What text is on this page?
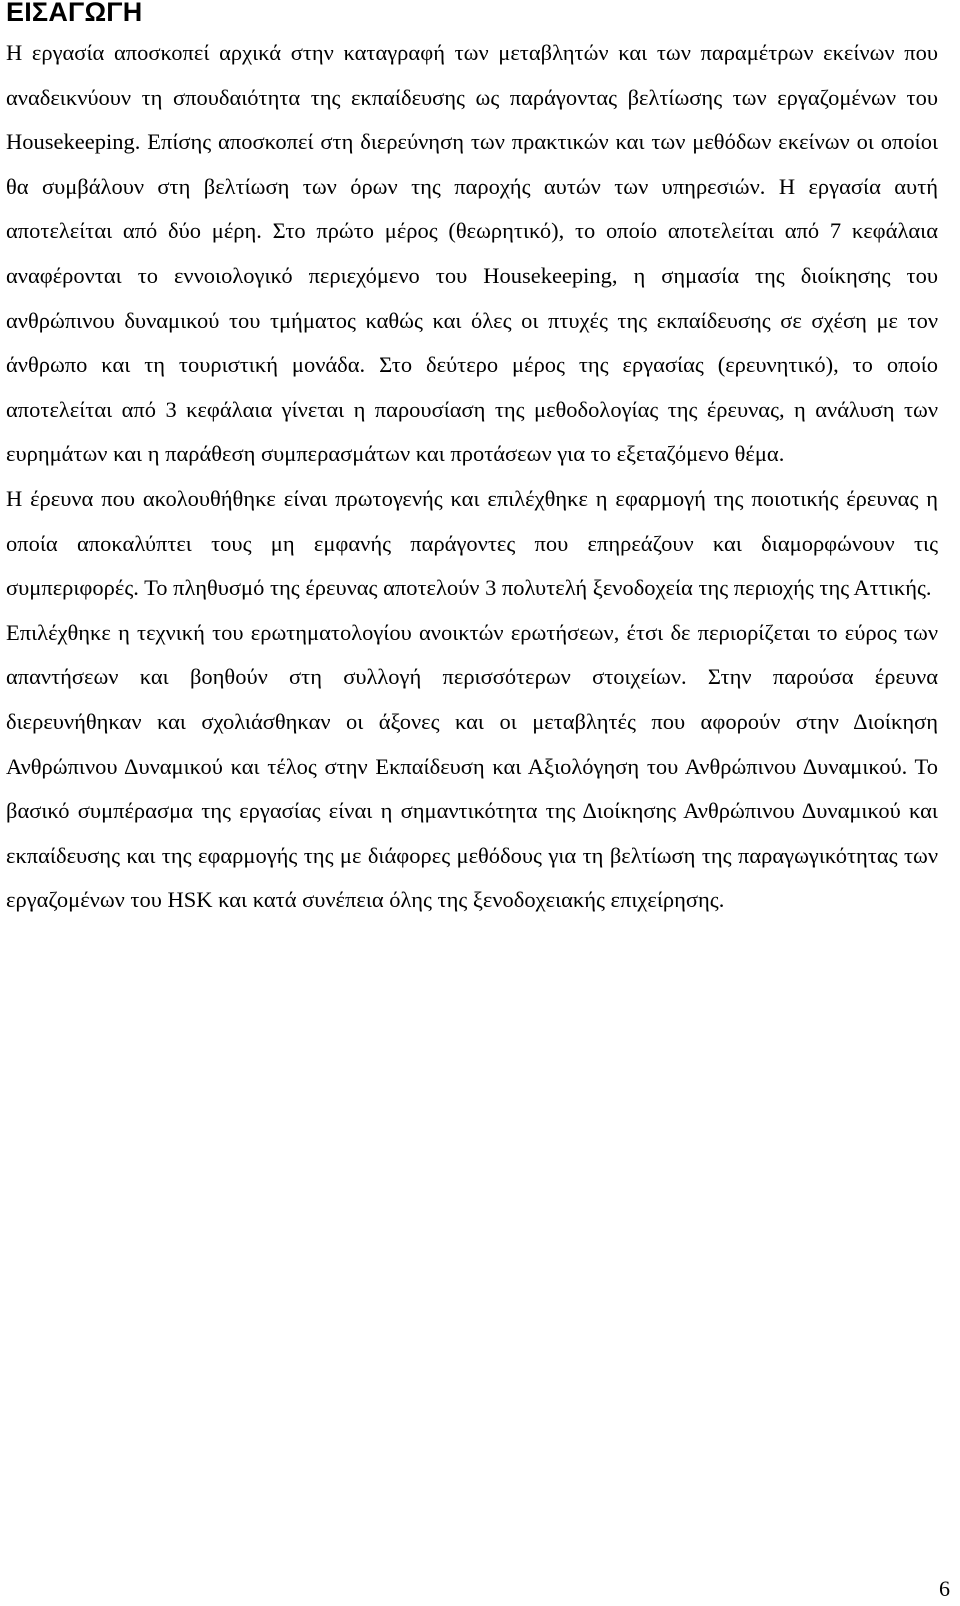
ΕΙΣΑΓΩΓΗ

Η εργασία αποσκοπεί αρχικά στην καταγραφή των μεταβλητών και των παραμέτρων εκείνων που αναδεικνύουν τη σπουδαιότητα της εκπαίδευσης ως παράγοντας βελτίωσης των εργαζομένων του Housekeeping. Επίσης αποσκοπεί στη διερεύνηση των πρακτικών και των μεθόδων εκείνων οι οποίοι θα συμβάλουν στη βελτίωση των όρων της παροχής αυτών των υπηρεσιών. Η εργασία αυτή αποτελείται από δύο μέρη. Στο πρώτο μέρος (θεωρητικό), το οποίο αποτελείται από 7 κεφάλαια αναφέρονται το εννοιολογικό περιεχόμενο του Housekeeping, η σημασία της διοίκησης του ανθρώπινου δυναμικού του τμήματος καθώς και όλες οι πτυχές της εκπαίδευσης σε σχέση με τον άνθρωπο και τη τουριστική μονάδα. Στο δεύτερο μέρος της εργασίας (ερευνητικό), το οποίο αποτελείται από 3 κεφάλαια γίνεται η παρουσίαση της μεθοδολογίας της έρευνας, η ανάλυση των ευρημάτων και η παράθεση συμπερασμάτων και προτάσεων για το εξεταζόμενο θέμα.

Η έρευνα που ακολουθήθηκε είναι πρωτογενής και επιλέχθηκε η εφαρμογή της ποιοτικής έρευνας η οποία αποκαλύπτει τους μη εμφανής παράγοντες που επηρεάζουν και διαμορφώνουν τις συμπεριφορές. Το πληθυσμό της έρευνας αποτελούν 3 πολυτελή ξενοδοχεία της περιοχής της Αττικής.

Επιλέχθηκε η τεχνική του ερωτηματολογίου ανοικτών ερωτήσεων, έτσι δε περιορίζεται το εύρος των απαντήσεων και βοηθούν στη συλλογή περισσότερων στοιχείων. Στην παρούσα έρευνα διερευνήθηκαν και σχολιάσθηκαν οι άξονες και οι μεταβλητές που αφορούν στην Διοίκηση Ανθρώπινου Δυναμικού και τέλος στην Εκπαίδευση και Αξιολόγηση του Ανθρώπινου Δυναμικού. Το βασικό συμπέρασμα της εργασίας είναι η σημαντικότητα της Διοίκησης Ανθρώπινου Δυναμικού και εκπαίδευσης και της εφαρμογής της με διάφορες μεθόδους για τη βελτίωση της παραγωγικότητας των εργαζομένων του HSK και κατά συνέπεια όλης της ξενοδοχειακής επιχείρησης.

6
